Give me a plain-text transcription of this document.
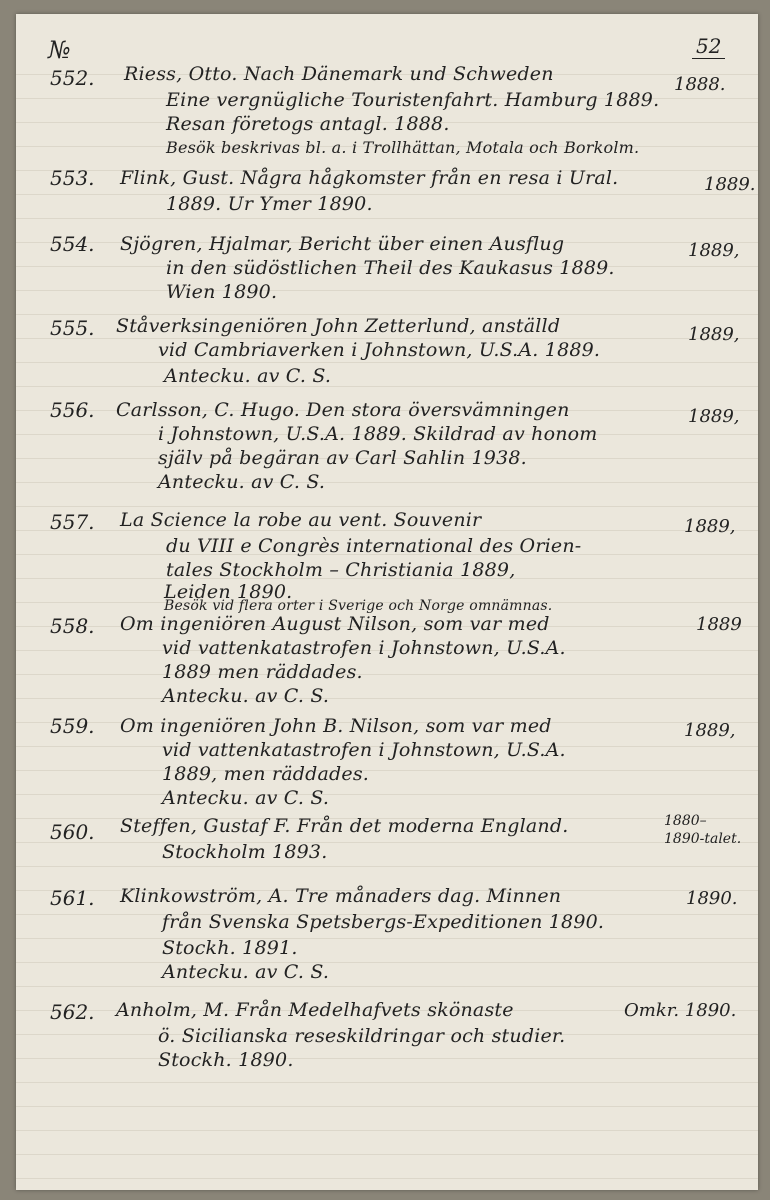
№	52
552.	1888.
Riess, Otto. Nach Dänemark und Schweden
Eine vergnügliche Touristenfahrt. Hamburg 1889.
Resan företogs antagl. 1888.
Besök beskrivas bl. a. i Trollhättan, Motala och Borkolm.
553.	1889.
Flink, Gust. Några hågkomster från en resa i Ural.
1889. Ur Ymer 1890.
554.	1889,
Sjögren, Hjalmar, Bericht über einen Ausflug
in den südöstlichen Theil des Kaukasus 1889.
Wien 1890.
555.	1889,
Ståverksingeniören John Zetterlund, anställd
vid Cambriaverken i Johnstown, U.S.A. 1889.
Antecku. av C. S.
556.	1889,
Carlsson, C. Hugo. Den stora översvämningen
i Johnstown, U.S.A. 1889. Skildrad av honom
själv på begäran av Carl Sahlin 1938.
Antecku. av C. S.
557.	1889,
La Science la robe au vent. Souvenir
du VIII e Congrès international des Orien-
tales Stockholm – Christiania 1889,
Leiden 1890.
Besök vid flera orter i Sverige och Norge omnämnas.
558.	1889
Om ingeniören August Nilson, som var med
vid vattenkatastrofen i Johnstown, U.S.A.
1889 men räddades.
Antecku. av C. S.
559.	1889,
Om ingeniören John B. Nilson, som var med
vid vattenkatastrofen i Johnstown, U.S.A.
1889, men räddades.
Antecku. av C. S.
560.	1880– 1890-talet.
Steffen, Gustaf F. Från det moderna England.
Stockholm 1893.
561.	1890.
Klinkowström, A. Tre månaders dag. Minnen
från Svenska Spetsbergs-Expeditionen 1890.
Stockh. 1891.
Antecku. av C. S.
562.	Omkr. 1890.
Anholm, M. Från Medelhafvets skönaste
ö. Sicilianska reseskildringar och studier.
Stockh. 1890.
